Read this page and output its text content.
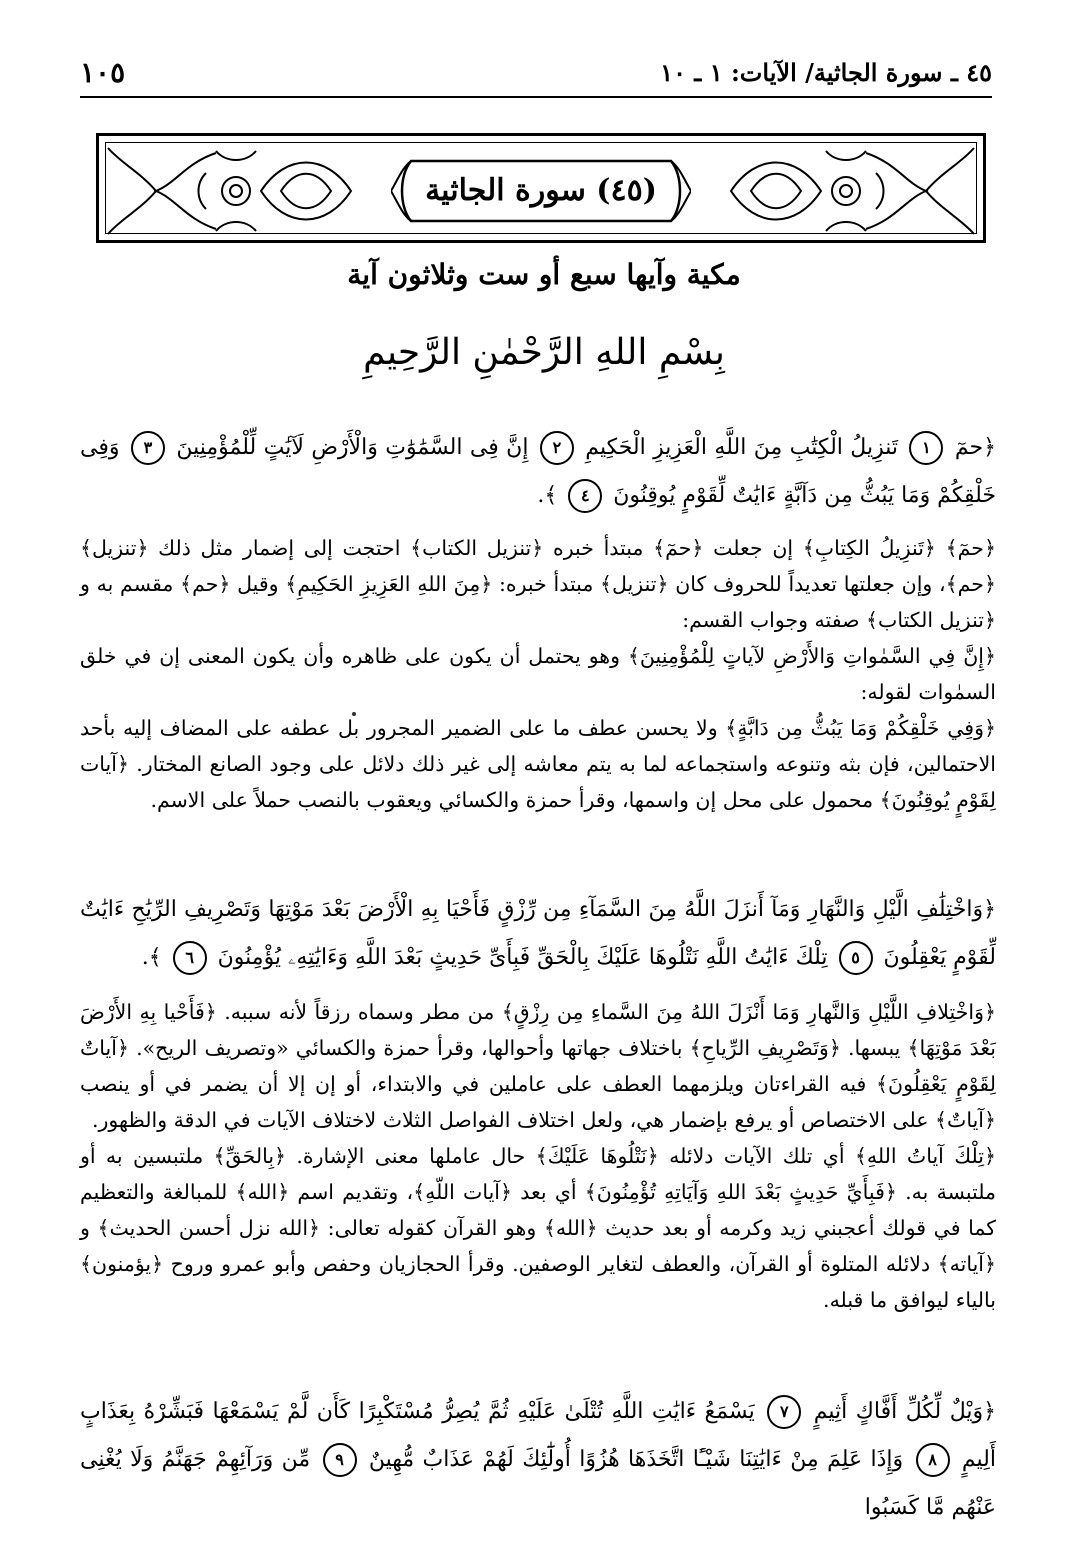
٤٥ ـ سورة الجاثية/ الآيات: ١ ـ ١٠
١٠٥
(٤٥) سورة الجاثية
مكية وآيها سبع أو ست وثلاثون آية
بِسْمِ اللهِ الرَّحْمٰنِ الرَّحِيمِ
﴿حمٓ ١ تَنزِيلُ الْكِتَٰبِ مِنَ اللَّهِ الْعَزِيزِ الْحَكِيمِ ٢ إِنَّ فِى السَّمَٰوَٰتِ وَالْأَرْضِ لَآيَٰتٍ لِّلْمُؤْمِنِينَ ٣ وَفِى خَلْقِكُمْ وَمَا يَبُثُّ مِن دَآبَّةٍ ءَايَٰتٌ لِّقَوْمٍ يُوقِنُونَ ٤ ﴾.
﴿حمٓ﴾ ﴿تَنزِيلُ الكِتابِ﴾ إن جعلت ﴿حمٓ﴾ مبتدأ خبره ﴿تنزيل الكتاب﴾ احتجت إلى إضمار مثل ذلك ﴿تنزيل﴾ ﴿حم﴾، وإن جعلتها تعديداً للحروف كان ﴿تنزيل﴾ مبتدأ خبره: ﴿مِنَ اللهِ العَزِيزِ الحَكِيمِ﴾ وقيل ﴿حم﴾ مقسم به و ﴿تنزيل الكتاب﴾ صفته وجواب القسم:
﴿إِنَّ فِي السَّمٰواتِ وَالأَرْضِ لآياتٍ لِلْمُؤْمِنِينَ﴾ وهو يحتمل أن يكون على ظاهره وأن يكون المعنى إن في خلق السمٰوات لقوله:
﴿وَفِي خَلْقِكُمْ وَمَا يَبُثُّ مِن دَابَّةٍ﴾ ولا يحسن عطف ما على الضمير المجرور بل عطفه على المضاف إليه بأحد الاحتمالين، فإن بثه وتنوعه واستجماعه لما به يتم معاشه إلى غير ذلك دلائل على وجود الصانع المختار. ﴿آيات لِقَوْمٍ يُوقِنُونَ﴾ محمول على محل إن واسمها، وقرأ حمزة والكسائي ويعقوب بالنصب حملاً على الاسم.
﴿وَاخْتِلَٰفِ الَّيْلِ وَالنَّهَارِ وَمَآ أَنزَلَ اللَّهُ مِنَ السَّمَآءِ مِن رِّزْقٍ فَأَحْيَا بِهِ الْأَرْضَ بَعْدَ مَوْتِهَا وَتَصْرِيفِ الرِّيَٰحِ ءَايَٰتٌ لِّقَوْمٍ يَعْقِلُونَ ٥ تِلْكَ ءَايَٰتُ اللَّهِ نَتْلُوهَا عَلَيْكَ بِالْحَقِّ فَبِأَىِّ حَدِيثٍ بَعْدَ اللَّهِ وَءَايَٰتِهِۦ يُؤْمِنُونَ ٦ ﴾.
﴿وَاخْتِلافِ اللَّيْلِ وَالنَّهارِ وَمَا أَنْزَلَ اللهُ مِنَ السَّماءِ مِن رِزْقٍ﴾ من مطر وسماه رزقاً لأنه سببه. ﴿فَأَحْيا بِهِ الأَرْضَ بَعْدَ مَوْتِهَا﴾ يبسها. ﴿وَتَصْرِيفِ الرِّياحِ﴾ باختلاف جهاتها وأحوالها، وقرأ حمزة والكسائي «وتصريف الريح». ﴿آياتٌ لِقَوْمٍ يَعْقِلُونَ﴾ فيه القراءتان ويلزمهما العطف على عاملين في والابتداء، أو إن إلا أن يضمر في أو ينصب ﴿آياتٌ﴾ على الاختصاص أو يرفع بإضمار هي، ولعل اختلاف الفواصل الثلاث لاختلاف الآيات في الدقة والظهور.
﴿تِلْكَ آياتُ اللهِ﴾ أي تلك الآيات دلائله ﴿نَتْلُوهَا عَلَيْكَ﴾ حال عاملها معنى الإشارة. ﴿بِالحَقِّ﴾ ملتبسين به أو ملتبسة به. ﴿فَبِأَيِّ حَدِيثٍ بَعْدَ اللهِ وَآيَاتِهِ تُؤْمِنُونَ﴾ أي بعد ﴿آيات اللّهِ﴾، وتقديم اسم ﴿الله﴾ للمبالغة والتعظيم كما في قولك أعجبني زيد وكرمه أو بعد حديث ﴿الله﴾ وهو القرآن كقوله تعالى: ﴿الله نزل أحسن الحديث﴾ و ﴿آياته﴾ دلائله المتلوة أو القرآن، والعطف لتغاير الوصفين. وقرأ الحجازيان وحفص وأبو عمرو وروح ﴿يؤمنون﴾ بالياء ليوافق ما قبله.
﴿وَيْلٌ لِّكُلِّ أَفَّاكٍ أَثِيمٍ ٧ يَسْمَعُ ءَايَٰتِ اللَّهِ تُتْلَىٰ عَلَيْهِ ثُمَّ يُصِرُّ مُسْتَكْبِرًا كَأَن لَّمْ يَسْمَعْهَا فَبَشِّرْهُ بِعَذَابٍ أَلِيمٍ ٨ وَإِذَا عَلِمَ مِنْ ءَايَٰتِنَا شَيْـًٔا اتَّخَذَهَا هُزُوًا أُولَٰٓئِكَ لَهُمْ عَذَابٌ مُّهِينٌ ٩ مِّن وَرَآئِهِمْ جَهَنَّمُ وَلَا يُغْنِى عَنْهُم مَّا كَسَبُوا
